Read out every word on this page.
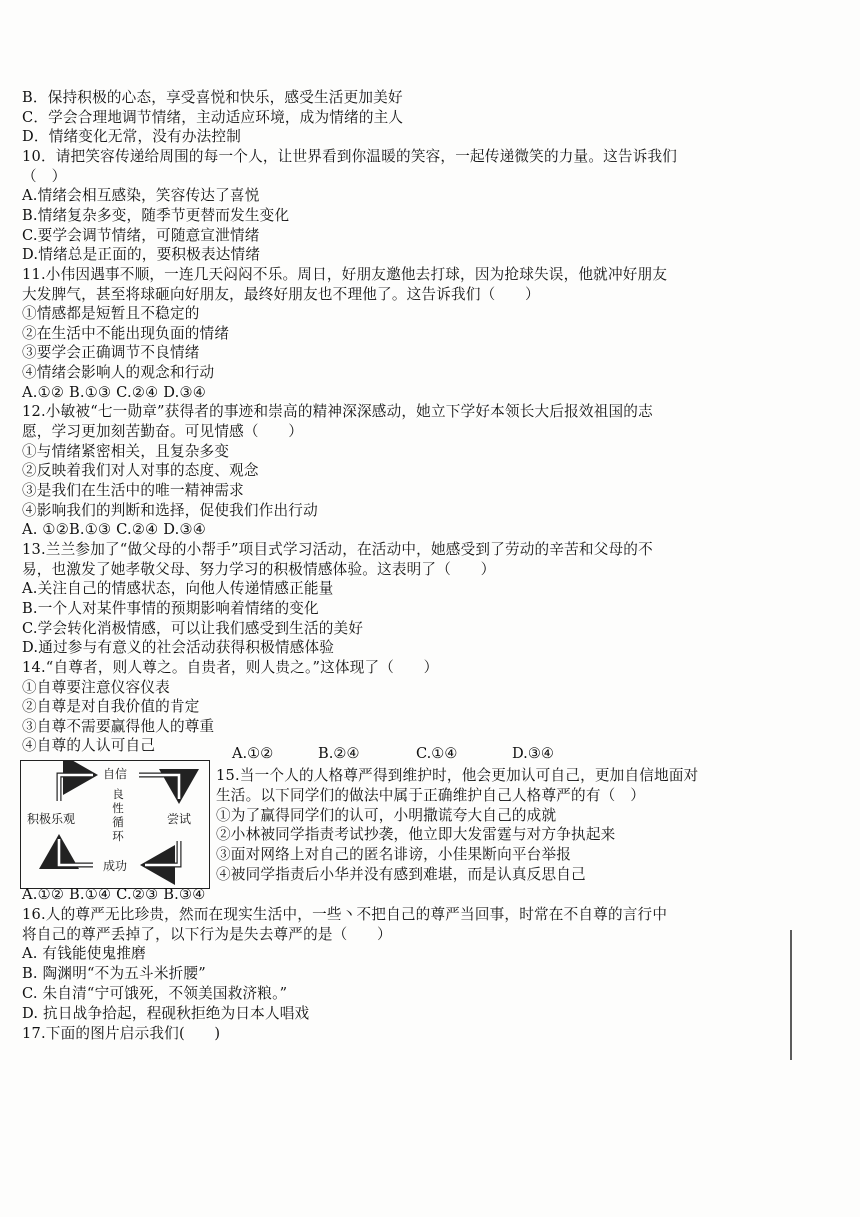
B．保持积极的心态，享受喜悦和快乐，感受生活更加美好
C．学会合理地调节情绪，主动适应环境，成为情绪的主人
D．情绪变化无常，没有办法控制
10．请把笑容传递给周围的每一个人，让世界看到你温暖的笑容，一起传递微笑的力量。这告诉我们
（　）
A.情绪会相互感染，笑容传达了喜悦
B.情绪复杂多变，随季节更替而发生变化
C.要学会调节情绪，可随意宣泄情绪
D.情绪总是正面的，要积极表达情绪
11.小伟因遇事不顺，一连几天闷闷不乐。周日，好朋友邀他去打球，因为抢球失误，他就冲好朋友
大发脾气，甚至将球砸向好朋友，最终好朋友也不理他了。这告诉我们（　　）
①情感都是短暂且不稳定的
②在生活中不能出现负面的情绪
③要学会正确调节不良情绪
④情绪会影响人的观念和行动
A.①② B.①③ C.②④ D.③④
12.小敏被“七一勋章”获得者的事迹和崇高的精神深深感动，她立下学好本领长大后报效祖国的志
愿，学习更加刻苦勤奋。可见情感（　　）
①与情绪紧密相关，且复杂多变
②反映着我们对人对事的态度、观念
③是我们在生活中的唯一精神需求
④影响我们的判断和选择，促使我们作出行动
A. ①②B.①③ C.②④ D.③④
13.兰兰参加了“做父母的小帮手”项目式学习活动，在活动中，她感受到了劳动的辛苦和父母的不
易，也激发了她孝敬父母、努力学习的积极情感体验。这表明了（　　）
A.关注自己的情感状态，向他人传递情感正能量
B.一个人对某件事情的预期影响着情绪的变化
C.学会转化消极情感，可以让我们感受到生活的美好
D.通过参与有意义的社会活动获得积极情感体验
14.“自尊者，则人尊之。自贵者，则人贵之。”这体现了（　　）
①自尊要注意仪容仪表
②自尊是对自我价值的肯定
③自尊不需要赢得他人的尊重
④自尊的人认可自己	A.①②	B.②④	C.①④	D.③④
自信
尝试
成功
积极乐观
良性循环
15.当一个人的人格尊严得到维护时，他会更加认可自己，更加自信地面对
生活。以下同学们的做法中属于正确维护自己人格尊严的有（　）
①为了赢得同学们的认可，小明撒谎夸大自己的成就
②小林被同学指责考试抄袭，他立即大发雷霆与对方争执起来
③面对网络上对自己的匿名诽谤，小佳果断向平台举报
④被同学指责后小华并没有感到难堪，而是认真反思自己
A.①② B.①④ C.②③ B.③④
16.人的尊严无比珍贵，然而在现实生活中，一些丶不把自己的尊严当回事，时常在不自尊的言行中
将自己的尊严丢掉了，以下行为是失去尊严的是（　　）
A. 有钱能使鬼推磨
B. 陶渊明“不为五斗米折腰”
C. 朱自清“宁可饿死，不领美国救济粮。”
D. 抗日战争拾起，程砚秋拒绝为日本人唱戏
17.下面的图片启示我们(　　)
